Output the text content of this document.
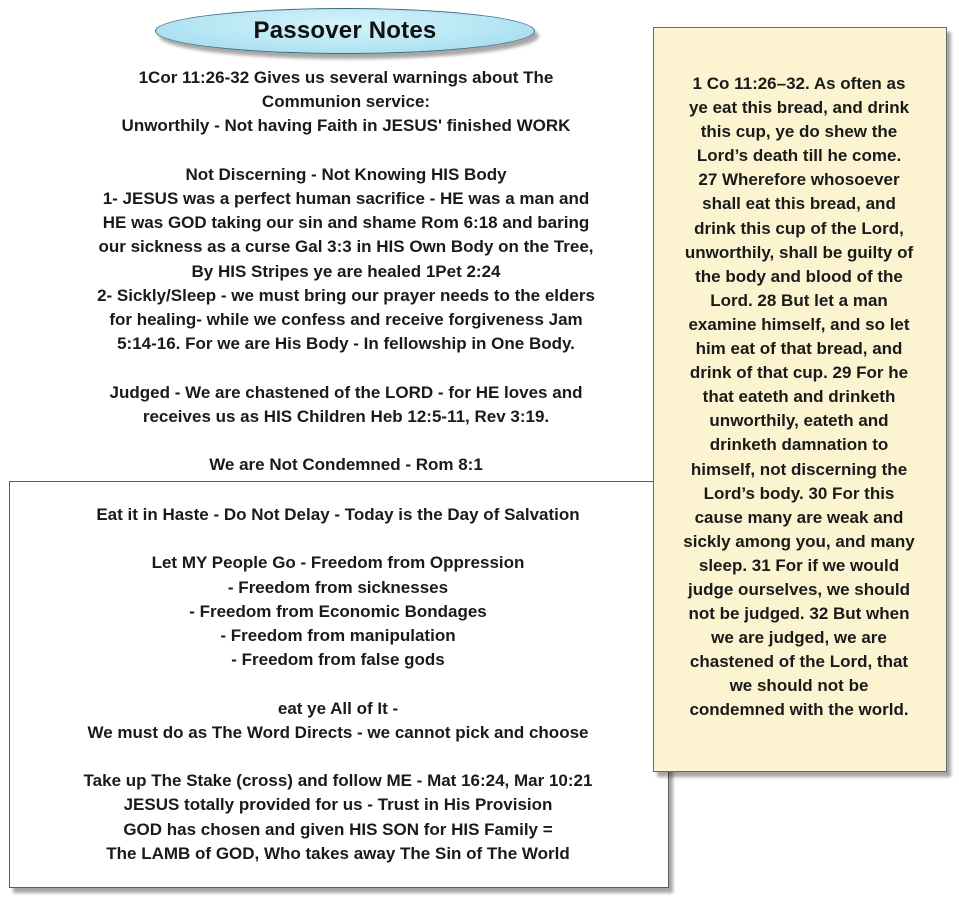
Passover Notes
1Cor 11:26-32 Gives us several warnings about The
Communion service:
Unworthily - Not having Faith in JESUS' finished WORK
Not Discerning - Not Knowing HIS Body
1- JESUS was a perfect human sacrifice - HE was a man and
HE was GOD taking our sin and shame Rom 6:18 and baring
our sickness as a curse Gal 3:3 in HIS Own Body on the Tree,
By HIS Stripes ye are healed 1Pet 2:24
2- Sickly/Sleep - we must bring our prayer needs to the elders
for healing- while we confess and receive forgiveness Jam
5:14-16. For we are His Body - In fellowship in One Body.
Judged - We are chastened of the LORD - for HE loves and
receives us as HIS Children Heb 12:5-11, Rev 3:19.
We are Not Condemned - Rom 8:1
Eat it in Haste - Do Not Delay - Today is the Day of Salvation
Let MY People Go - Freedom from Oppression
- Freedom from sicknesses
- Freedom from Economic Bondages
- Freedom from manipulation
- Freedom from false gods
eat ye All of It -
We must do as The Word Directs - we cannot pick and choose
Take up The Stake (cross) and follow ME - Mat 16:24, Mar 10:21
JESUS totally provided for us - Trust in His Provision
GOD has chosen and given HIS SON for HIS Family =
The LAMB of GOD, Who takes away The Sin of The World
1 Co 11:26–32. As often as
ye eat this bread, and drink
this cup, ye do shew the
Lord’s death till he come.
27 Wherefore whosoever
shall eat this bread, and
drink this cup of the Lord,
unworthily, shall be guilty of
the body and blood of the
Lord. 28 But let a man
examine himself, and so let
him eat of that bread, and
drink of that cup. 29 For he
that eateth and drinketh
unworthily, eateth and
drinketh damnation to
himself, not discerning the
Lord’s body. 30 For this
cause many are weak and
sickly among you, and many
sleep. 31 For if we would
judge ourselves, we should
not be judged. 32 But when
we are judged, we are
chastened of the Lord, that
we should not be
condemned with the world.
